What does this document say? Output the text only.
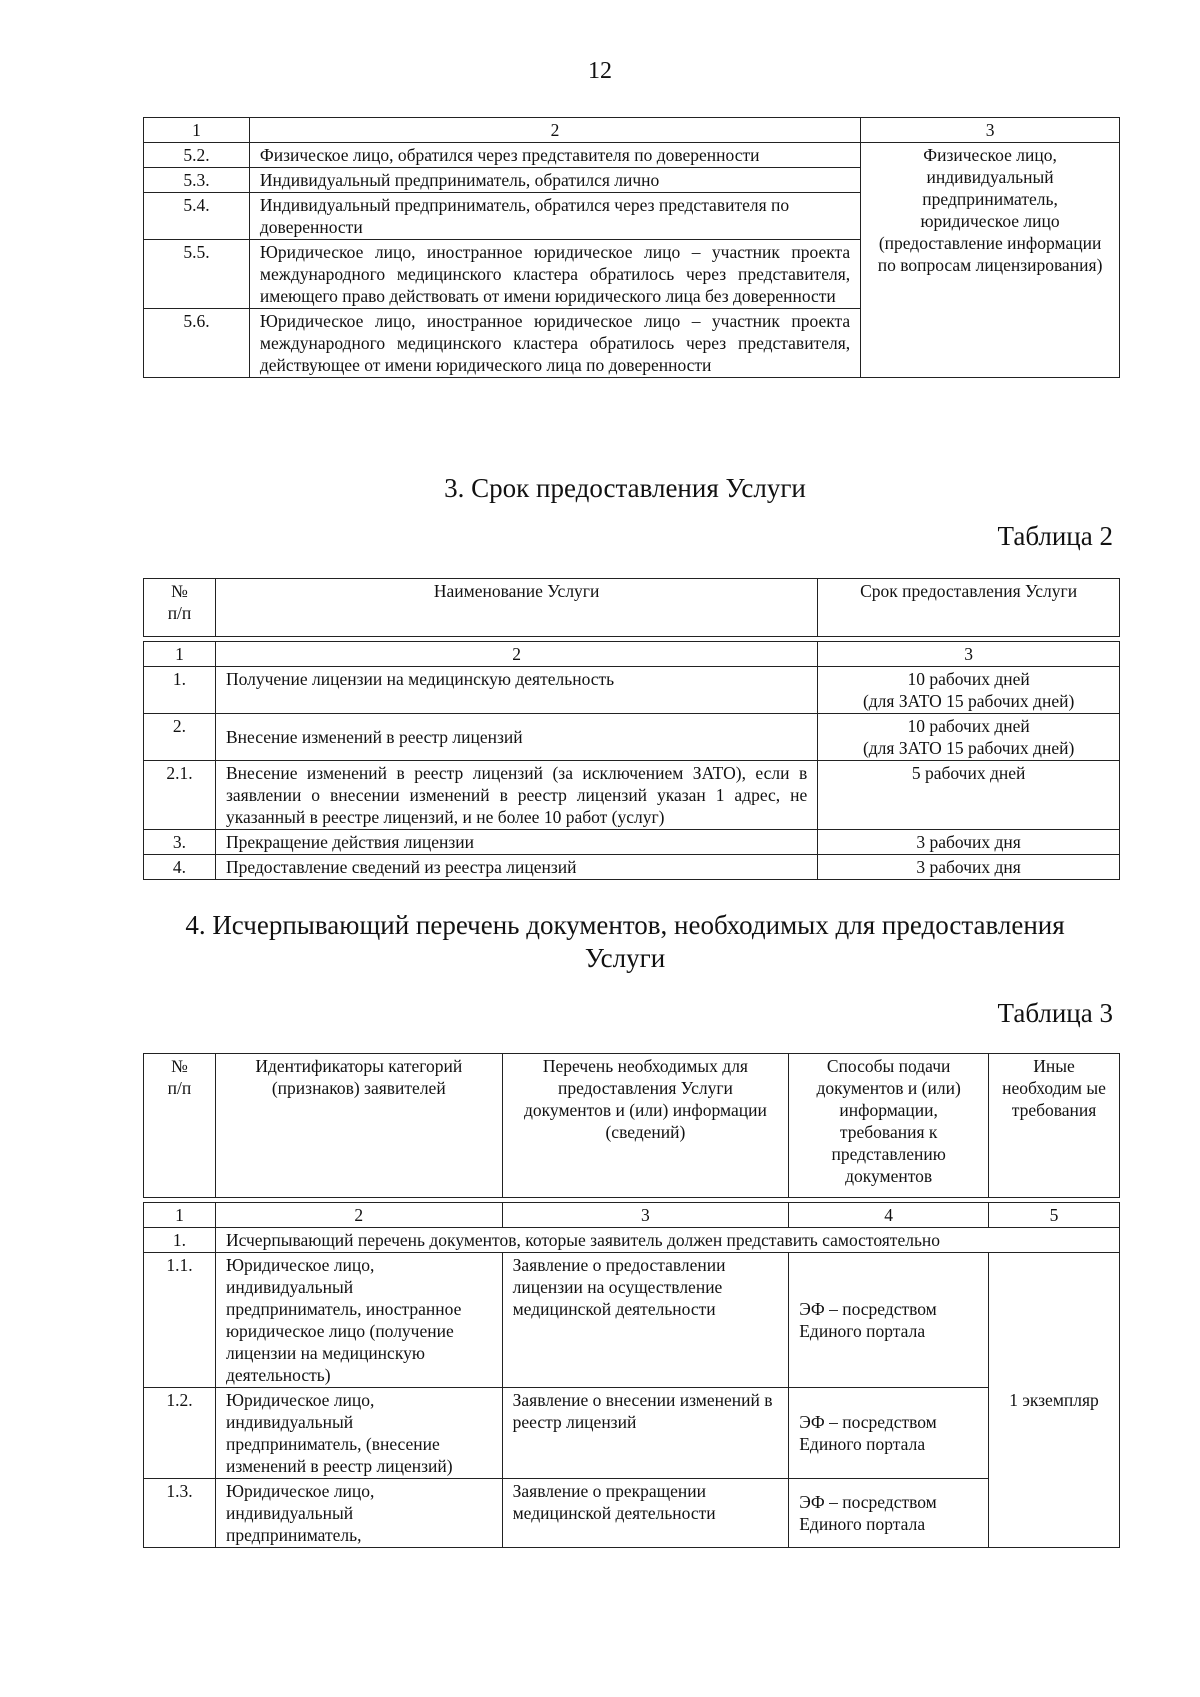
12
1	2	3
5.2.	Физическое лицо, обратился через представителя по доверенности	Физическое лицо, индивидуальный предприниматель, юридическое лицо (предоставление информации по вопросам лицензирования)
5.3.	Индивидуальный предприниматель, обратился лично	
5.4.	Индивидуальный предприниматель, обратился через представителя по доверенности	
5.5.	Юридическое лицо, иностранное юридическое лицо – участник проекта международного медицинского кластера обратилось через представителя, имеющего право действовать от имени юридического лица без доверенности	
5.6.	Юридическое лицо, иностранное юридическое лицо – участник проекта международного медицинского кластера обратилось через представителя, действующее от имени юридического лица по доверенности	
3. Срок предоставления Услуги
Таблица 2
№ п/п	Наименование Услуги	Срок предоставления Услуги

1	2	3
1.	Получение лицензии на медицинскую деятельность	10 рабочих дней
(для ЗАТО 15 рабочих дней)

2.	Внесение изменений в реестр лицензий	10 рабочих дней
(для ЗАТО 15 рабочих дней)

2.1.	Внесение изменений в реестр лицензий (за исключением ЗАТО), если в заявлении о внесении изменений в реестр лицензий указан 1 адрес, не указанный в реестре лицензий, и не более 10 работ (услуг)	5 рабочих дней
3.	Прекращение действия лицензии	3 рабочих дня
4.	Предоставление сведений из реестра лицензий	3 рабочих дня
4. Исчерпывающий перечень документов, необходимых для предоставления Услуги
Таблица 3
№ п/п	Идентификаторы категорий (признаков) заявителей	Перечень необходимых для предоставления Услуги документов и (или) информации (сведений)	Способы подачи документов и (или) информации, требования к представлению документов	Иные необходим ые требования

1	2	3	4	5
1.	Исчерпывающий перечень документов, которые заявитель должен представить самостоятельно			
1.1.	Юридическое лицо, индивидуальный предприниматель, иностранное юридическое лицо (получение лицензии на медицинскую деятельность)	Заявление о предоставлении лицензии на осуществление медицинской деятельности	ЭФ – посредством Единого портала	1 экземпляр
1.2.	Юридическое лицо, индивидуальный предприниматель, (внесение изменений в реестр лицензий)	Заявление о внесении изменений в реестр лицензий	ЭФ – посредством Единого портала	
1.3.	Юридическое лицо, индивидуальный предприниматель,	Заявление о прекращении медицинской деятельности	ЭФ – посредством Единого портала	
